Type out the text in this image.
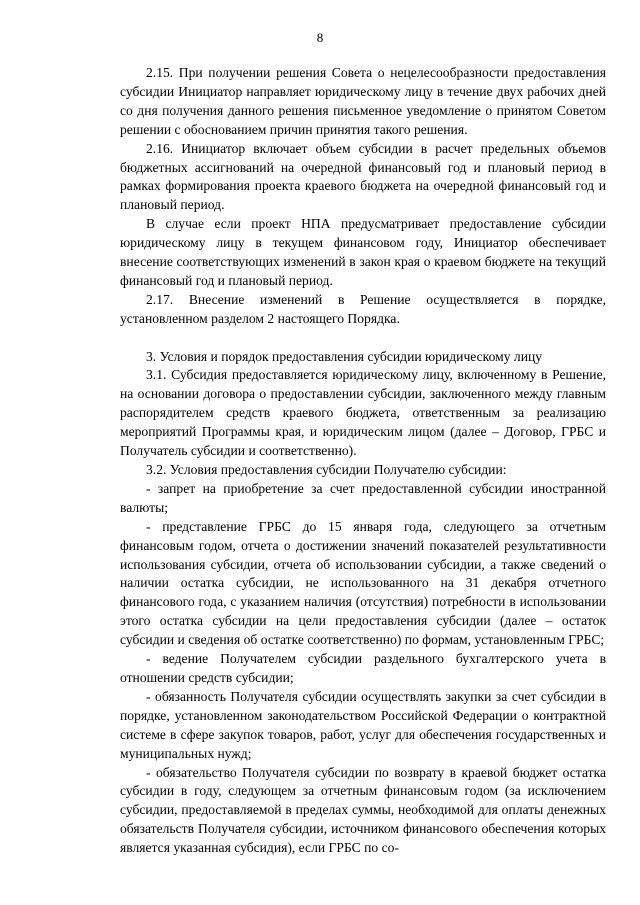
8

2.15. При получении решения Совета о нецелесообразности предоставления субсидии Инициатор направляет юридическому лицу в течение двух рабочих дней со дня получения данного решения письменное уведомление о принятом Советом решении с обоснованием причин принятия такого решения.

2.16. Инициатор включает объем субсидии в расчет предельных объемов бюджетных ассигнований на очередной финансовый год и плановый период в рамках формирования проекта краевого бюджета на очередной финансовый год и плановый период.

В случае если проект НПА предусматривает предоставление субсидии юридическому лицу в текущем финансовом году, Инициатор обеспечивает внесение соответствующих изменений в закон края о краевом бюджете на текущий финансовый год и плановый период.

2.17. Внесение изменений в Решение осуществляется в порядке, установленном разделом 2 настоящего Порядка.

3. Условия и порядок предоставления субсидии юридическому лицу

3.1. Субсидия предоставляется юридическому лицу, включенному в Решение, на основании договора о предоставлении субсидии, заключенного между главным распорядителем средств краевого бюджета, ответственным за реализацию мероприятий Программы края, и юридическим лицом (далее – Договор, ГРБС и Получатель субсидии и соответственно).

3.2. Условия предоставления субсидии Получателю субсидии:

- запрет на приобретение за счет предоставленной субсидии иностранной валюты;

- представление ГРБС до 15 января года, следующего за отчетным финансовым годом, отчета о достижении значений показателей результативности использования субсидии, отчета об использовании субсидии, а также сведений о наличии остатка субсидии, не использованного на 31 декабря отчетного финансового года, с указанием наличия (отсутствия) потребности в использовании этого остатка субсидии на цели предоставления субсидии (далее – остаток субсидии и сведения об остатке соответственно) по формам, установленным ГРБС;

- ведение Получателем субсидии раздельного бухгалтерского учета в отношении средств субсидии;

- обязанность Получателя субсидии осуществлять закупки за счет субсидии в порядке, установленном законодательством Российской Федерации о контрактной системе в сфере закупок товаров, работ, услуг для обеспечения государственных и муниципальных нужд;

- обязательство Получателя субсидии по возврату в краевой бюджет остатка субсидии в году, следующем за отчетным финансовым годом (за исключением субсидии, предоставляемой в пределах суммы, необходимой для оплаты денежных обязательств Получателя субсидии, источником финансового обеспечения которых является указанная субсидия), если ГРБС по со-
